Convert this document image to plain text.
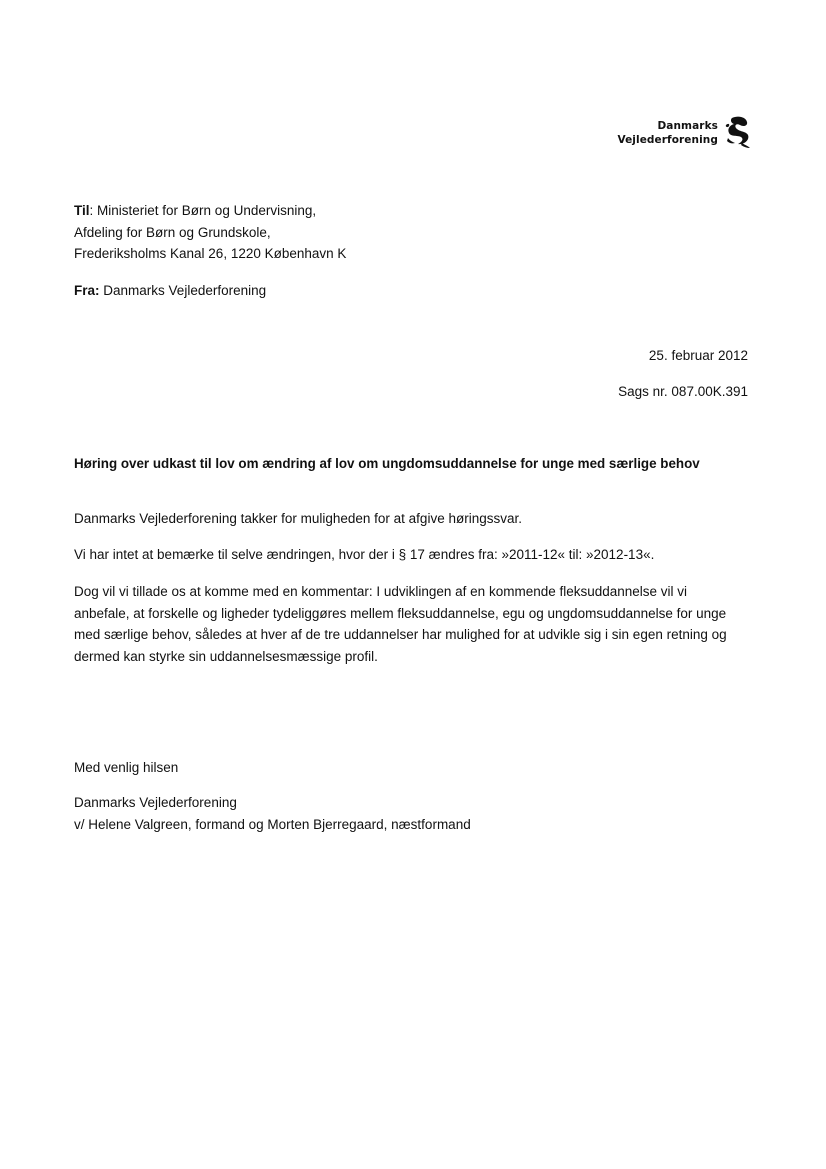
Danmarks
Vejlederforening
Til: Ministeriet for Børn og Undervisning,
Afdeling for Børn og Grundskole,
Frederiksholms Kanal 26, 1220 København K
Fra: Danmarks Vejlederforening
25. februar 2012
Sags nr. 087.00K.391
Høring over udkast til lov om ændring af lov om ungdomsuddannelse for unge med særlige behov
Danmarks Vejlederforening takker for muligheden for at afgive høringssvar.
Vi har intet at bemærke til selve ændringen, hvor der i § 17 ændres fra: »2011-12« til: »2012-13«.
Dog vil vi tillade os at komme med en kommentar: I udviklingen af en kommende fleksuddannelse vil vi anbefale, at forskelle og ligheder tydeliggøres mellem fleksuddannelse, egu og ungdomsuddannelse for unge med særlige behov, således at hver af de tre uddannelser har mulighed for at udvikle sig i sin egen retning og dermed kan styrke sin uddannelsesmæssige profil.
Med venlig hilsen
Danmarks Vejlederforening
v/ Helene Valgreen, formand og Morten Bjerregaard, næstformand
